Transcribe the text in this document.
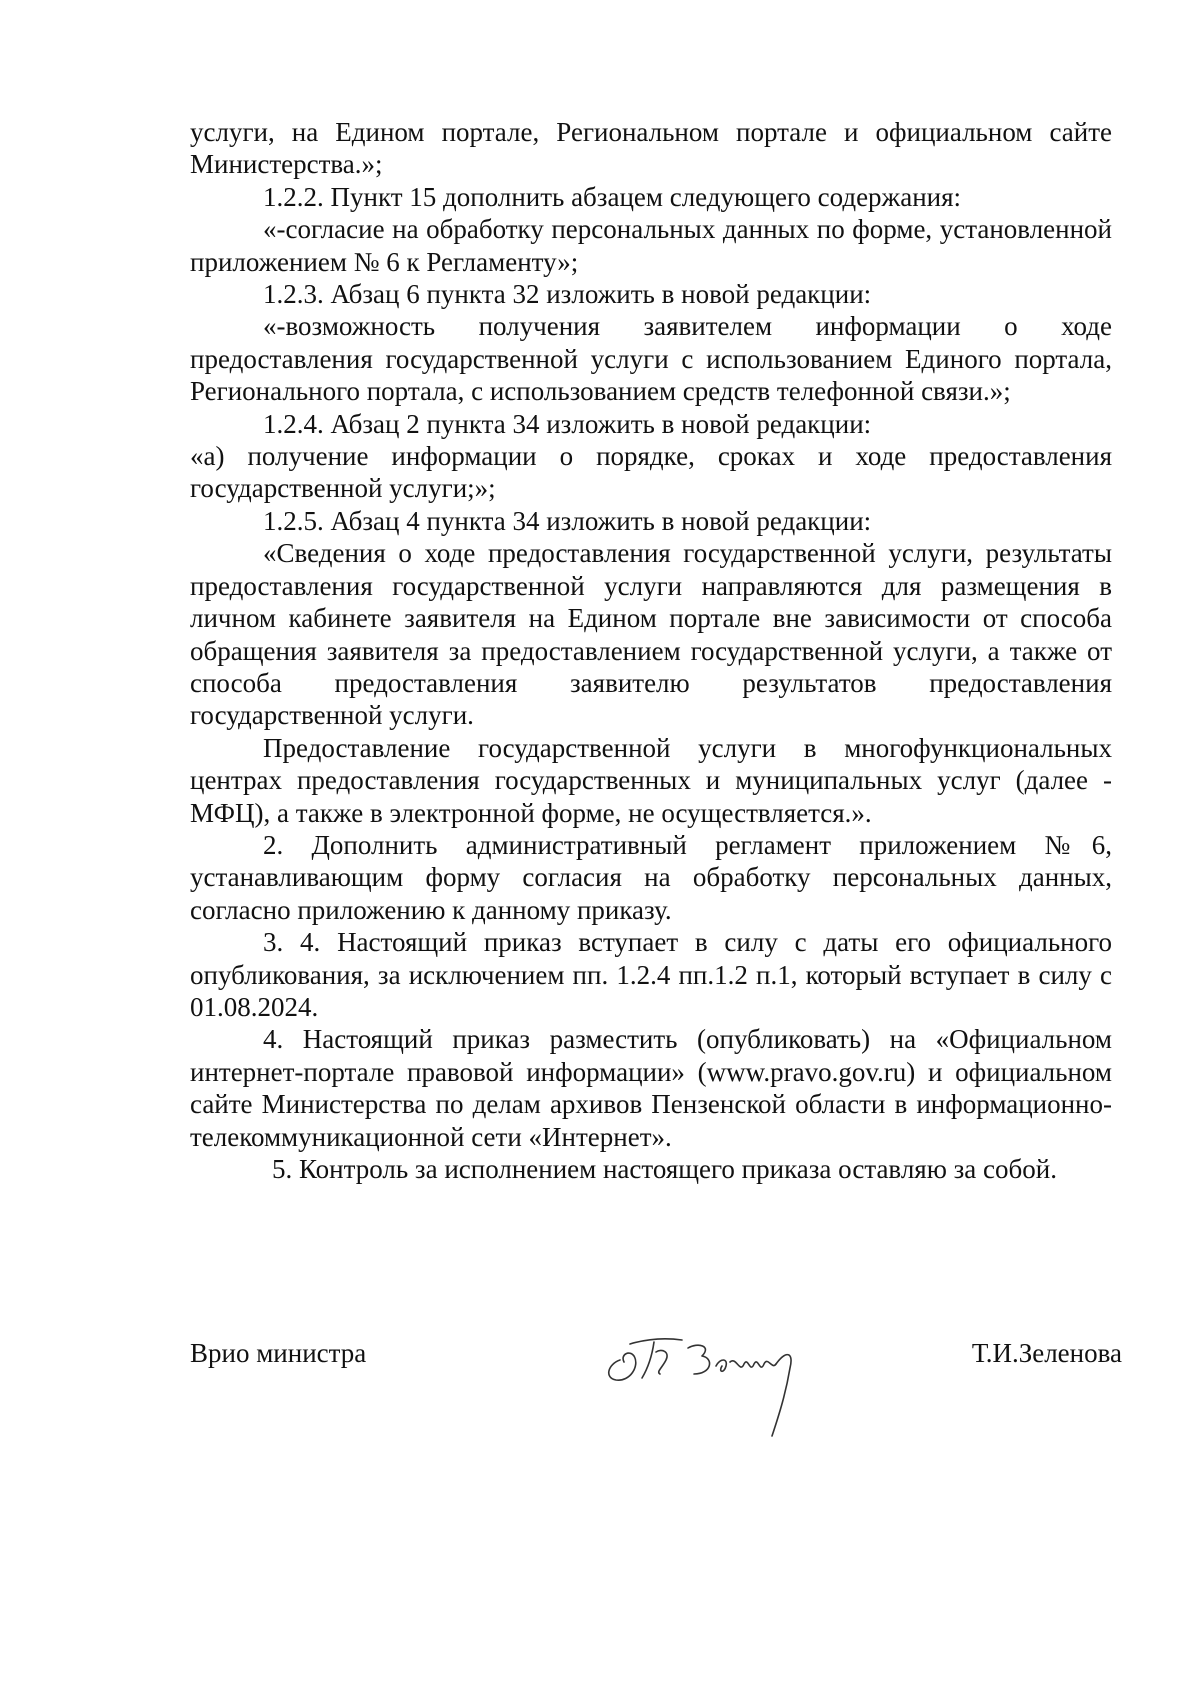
услуги, на Едином портале, Региональном портале и официальном сайте Министерства.»;

1.2.2. Пункт 15 дополнить абзацем следующего содержания:

«-согласие на обработку персональных данных по форме, установленной приложением № 6 к Регламенту»;

1.2.3. Абзац 6 пункта 32 изложить в новой редакции:

«-возможность получения заявителем информации о ходе предоставления государственной услуги с использованием Единого портала, Регионального портала, с использованием средств телефонной связи.»;

1.2.4. Абзац 2 пункта 34 изложить в новой редакции:

«а) получение информации о порядке, сроках и ходе предоставления государственной услуги;»;

1.2.5. Абзац 4 пункта 34 изложить в новой редакции:

«Сведения о ходе предоставления государственной услуги, результаты предоставления государственной услуги направляются для размещения в личном кабинете заявителя на Едином портале вне зависимости от способа обращения заявителя за предоставлением государственной услуги, а также от способа предоставления заявителю результатов предоставления государственной услуги.

Предоставление государственной услуги в многофункциональных центрах предоставления государственных и муниципальных услуг (далее - МФЦ), а также в электронной форме, не осуществляется.».

2. Дополнить административный регламент приложением №6, устанавливающим форму согласия на обработку персональных данных, согласно приложению к данному приказу.

3. 4. Настоящий приказ вступает в силу с даты его официального опубликования, за исключением пп. 1.2.4 пп.1.2 п.1, который вступает в силу с 01.08.2024.

4. Настоящий приказ разместить (опубликовать) на «Официальном интернет-портале правовой информации» (www.pravo.gov.ru) и официальном сайте Министерства по делам архивов Пензенской области в информационно-телекоммуникационной сети «Интернет».

5. Контроль за исполнением настоящего приказа оставляю за собой.

Врио министра	Т.И.Зеленова
